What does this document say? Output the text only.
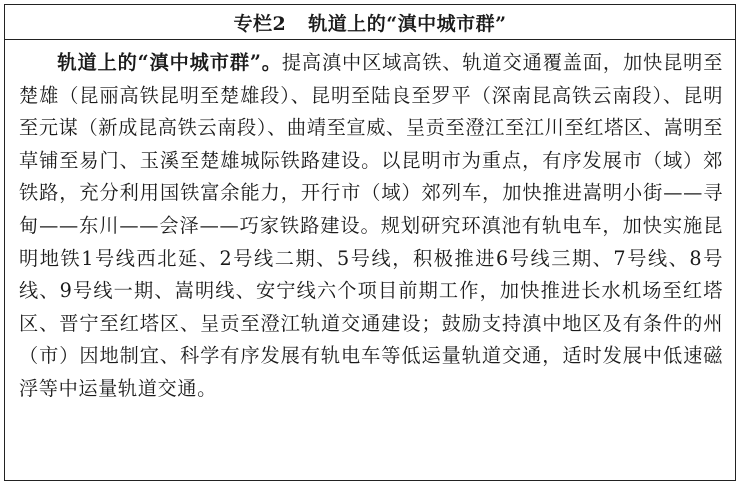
专栏2 轨道上的“滇中城市群”
轨道上的“滇中城市群”。提高滇中区域高铁、轨道交通覆盖面，加快昆明至楚雄（昆丽高铁昆明至楚雄段）、昆明至陆良至罗平（深南昆高铁云南段）、昆明至元谋（新成昆高铁云南段）、曲靖至宣威、呈贡至澄江至江川至红塔区、嵩明至草铺至易门、玉溪至楚雄城际铁路建设。以昆明市为重点，有序发展市（域）郊铁路，充分利用国铁富余能力，开行市（域）郊列车，加快推进嵩明小街——寻甸——东川——会泽——巧家铁路建设。规划研究环滇池有轨电车，加快实施昆明地铁1号线西北延、2号线二期、5号线，积极推进6号线三期、7号线、8号线、9号线一期、嵩明线、安宁线六个项目前期工作，加快推进长水机场至红塔区、晋宁至红塔区、呈贡至澄江轨道交通建设；鼓励支持滇中地区及有条件的州（市）因地制宜、科学有序发展有轨电车等低运量轨道交通，适时发展中低速磁浮等中运量轨道交通。
